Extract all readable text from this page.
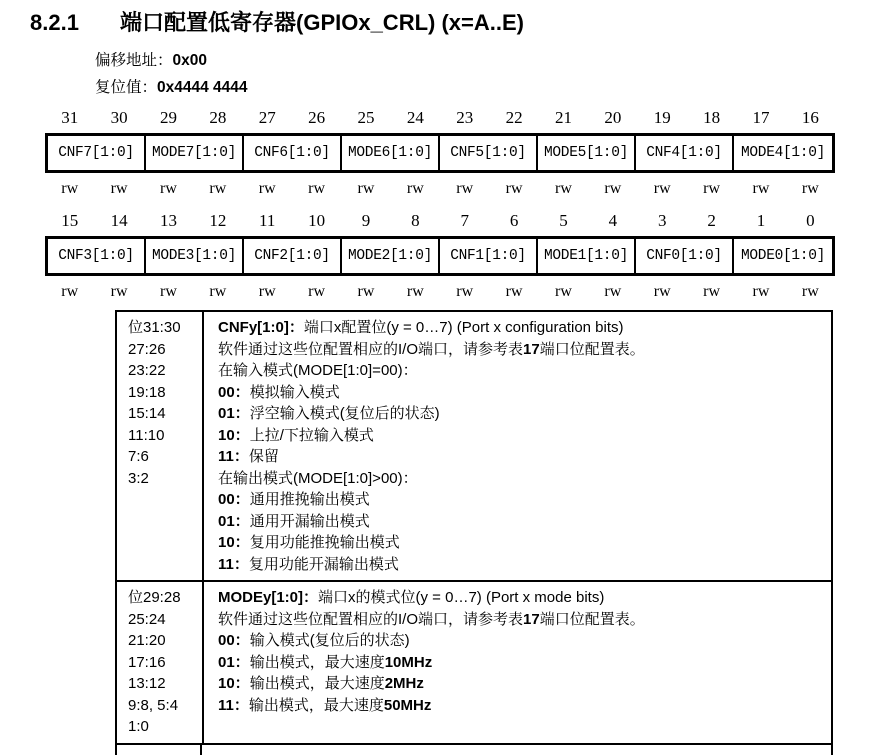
8.2.1	端口配置低寄存器(GPIOx_CRL) (x=A..E)
偏移地址：0x00
复位值：0x4444 4444
31	30	29	28	27	26	25	24	23	22	21	20	19	18	17	16
CNF7[1:0]	MODE7[1:0]	CNF6[1:0]	MODE6[1:0]	CNF5[1:0]	MODE5[1:0]	CNF4[1:0]	MODE4[1:0]
rw	rw	rw	rw	rw	rw	rw	rw	rw	rw	rw	rw	rw	rw	rw	rw
15	14	13	12	11	10	9	8	7	6	5	4	3	2	1	0
CNF3[1:0]	MODE3[1:0]	CNF2[1:0]	MODE2[1:0]	CNF1[1:0]	MODE1[1:0]	CNF0[1:0]	MODE0[1:0]
rw	rw	rw	rw	rw	rw	rw	rw	rw	rw	rw	rw	rw	rw	rw	rw
位31:30
27:26
23:22
19:18
15:14
11:10
7:6
3:2
CNFy[1:0]：端口x配置位(y = 0…7) (Port x configuration bits)
软件通过这些位配置相应的I/O端口，请参考表17端口位配置表。
在输入模式(MODE[1:0]=00)：
00：模拟输入模式
01：浮空输入模式(复位后的状态)
10：上拉/下拉输入模式
11：保留
在输出模式(MODE[1:0]>00)：
00：通用推挽输出模式
01：通用开漏输出模式
10：复用功能推挽输出模式
11：复用功能开漏输出模式
位29:28
25:24
21:20
17:16
13:12
9:8, 5:4
1:0
MODEy[1:0]：端口x的模式位(y = 0…7) (Port x mode bits)
软件通过这些位配置相应的I/O端口，请参考表17端口位配置表。
00：输入模式(复位后的状态)
01：输出模式，最大速度10MHz
10：输出模式，最大速度2MHz
11：输出模式，最大速度50MHz
